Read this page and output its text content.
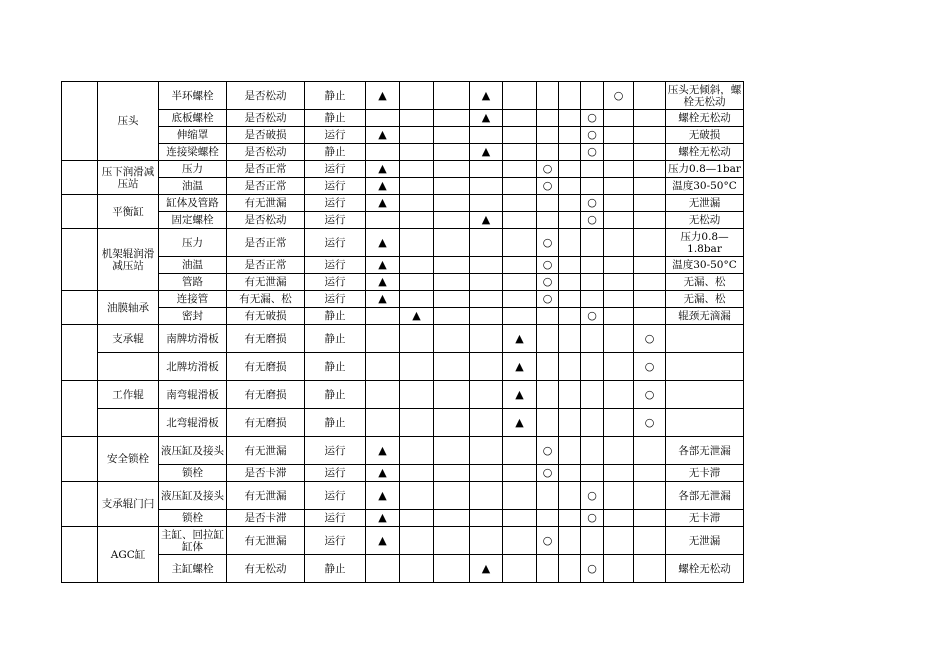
	压头	半环螺栓	是否松动	静止	▲			▲					○		压头无倾斜，螺栓无松动
		底板螺栓	是否松动	静止				▲				○			螺栓无松动
		伸缩罩	是否破损	运行	▲							○			无破损
		连接梁螺栓	是否松动	静止				▲				○			螺栓无松动
	压下润滑减压站	压力	是否正常	运行	▲					○					压力0.8—1bar
		油温	是否正常	运行	▲					○					温度30-50°C
	平衡缸	缸体及管路	有无泄漏	运行	▲							○			无泄漏
		固定螺栓	是否松动	运行				▲				○			无松动
	机架辊润滑减压站	压力	是否正常	运行	▲					○					压力0.8—1.8bar
		油温	是否正常	运行	▲					○					温度30-50°C
		管路	有无泄漏	运行	▲					○					无漏、松
	油膜轴承	连接管	有无漏、松	运行	▲					○					无漏、松
		密封	有无破损	静止		▲						○			辊颈无滴漏
	支承辊	南牌坊滑板	有无磨损	静止					▲					○	
		北牌坊滑板	有无磨损	静止					▲					○	
	工作辊	南弯辊滑板	有无磨损	静止					▲					○	
		北弯辊滑板	有无磨损	静止					▲					○	
	安全锁栓	液压缸及接头	有无泄漏	运行	▲					○					各部无泄漏
		锁栓	是否卡滞	运行	▲					○					无卡滞
	支承辊门闩	液压缸及接头	有无泄漏	运行	▲							○			各部无泄漏
		锁栓	是否卡滞	运行	▲							○			无卡滞
	AGC缸	主缸、回拉缸缸体	有无泄漏	运行	▲					○					无泄漏
		主缸螺栓	有无松动	静止				▲				○			螺栓无松动
